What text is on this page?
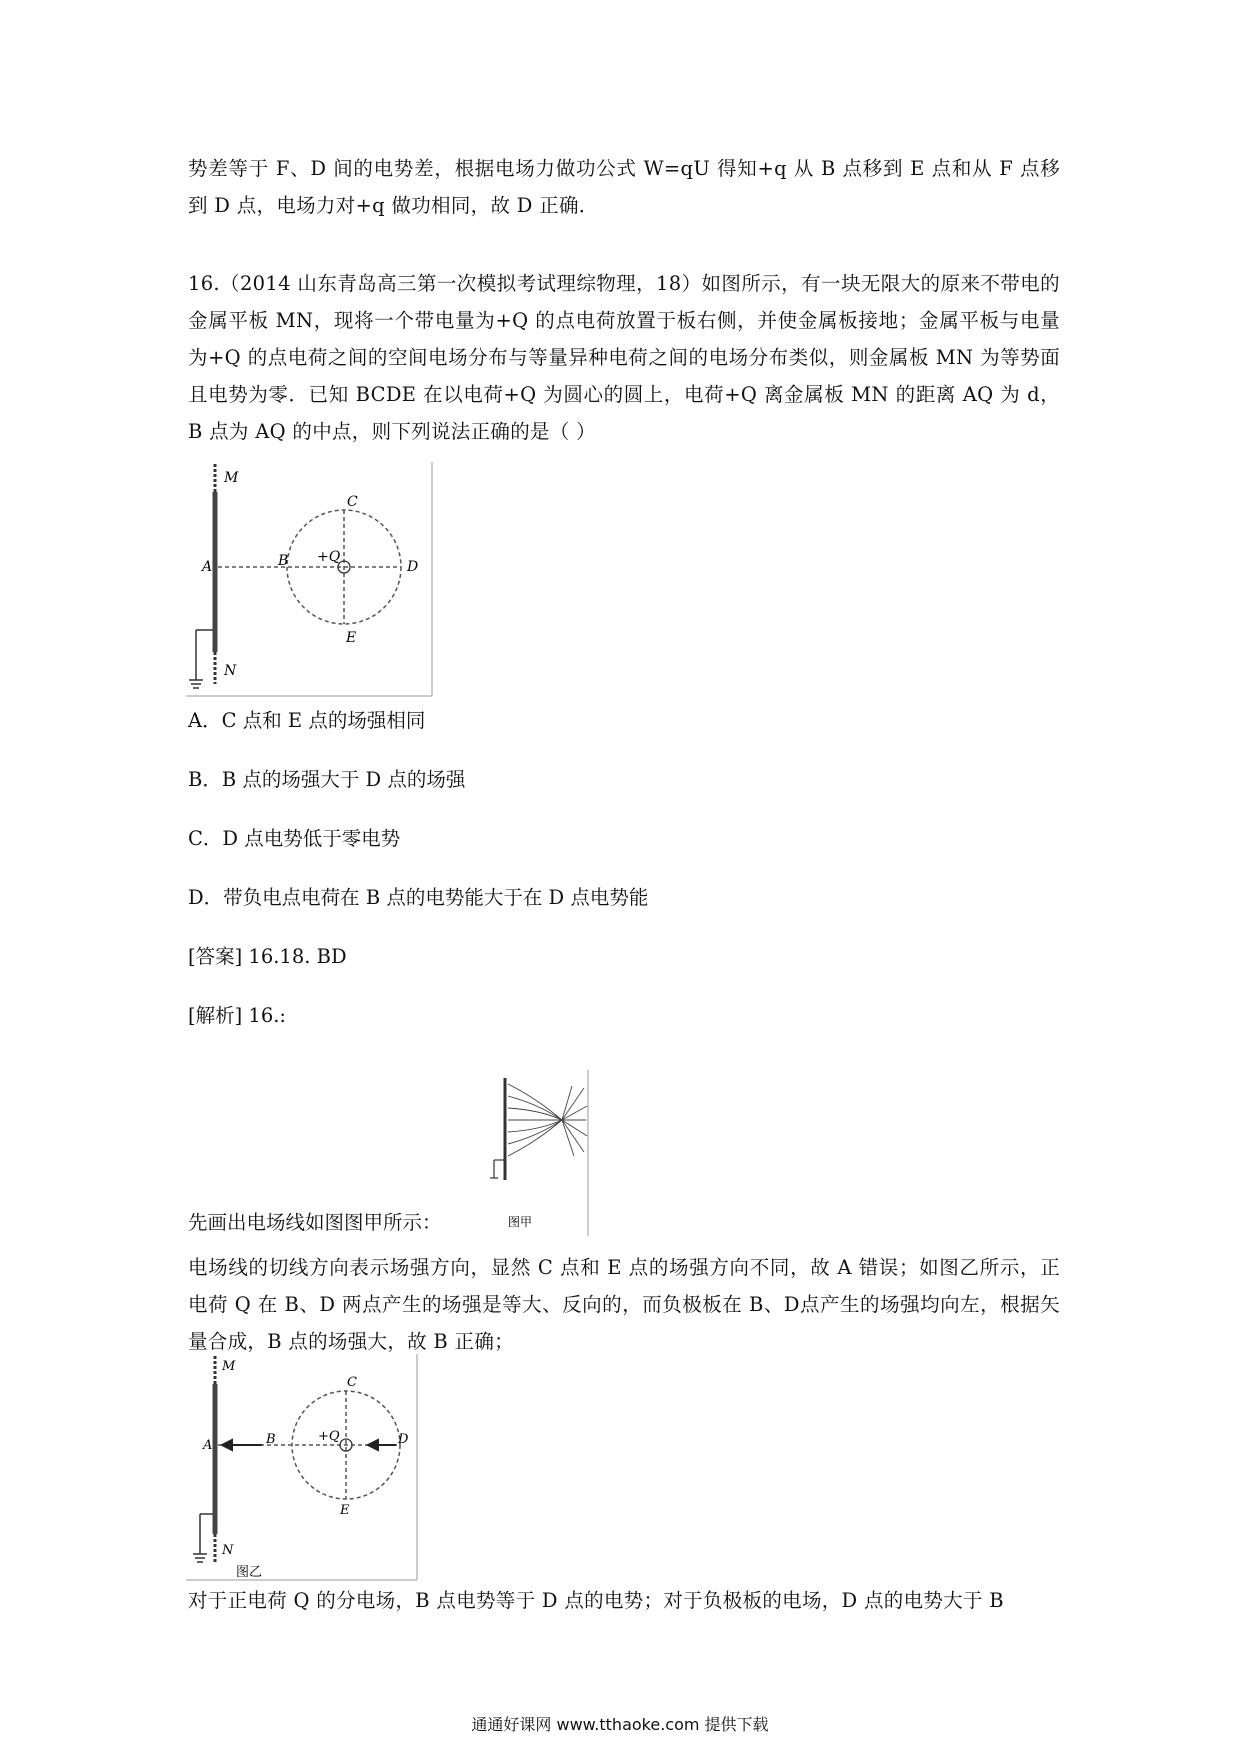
势差等于 F、D 间的电势差，根据电场力做功公式 W=qU 得知+q 从 B 点移到 E 点和从 F 点移到 D 点，电场力对+q 做功相同，故 D 正确．

16.（2014 山东青岛高三第一次模拟考试理综物理，18）如图所示，有一块无限大的原来不带电的金属平板 MN，现将一个带电量为+Q 的点电荷放置于板右侧，并使金属板接地；金属平板与电量为+Q 的点电荷之间的空间电场分布与等量异种电荷之间的电场分布类似，则金属板 MN 为等势面且电势为零．已知 BCDE 在以电荷+Q 为圆心的圆上，电荷+Q 离金属板 MN 的距离 AQ 为 d， B 点为 AQ 的中点，则下列说法正确的是（ ）

M
N
A	B
C
D
E
+Q

A．C 点和 E 点的场强相同

B．B 点的场强大于 D 点的场强

C．D 点电势低于零电势

D．带负电点电荷在 B 点的电势能大于在 D 点电势能

[答案] 16.18. BD

[解析] 16.:

图甲

先画出电场线如图图甲所示：

电场线的切线方向表示场强方向，显然 C 点和 E 点的场强方向不同，故 A 错误；如图乙所示，正电荷 Q 在 B、D 两点产生的场强是等大、反向的，而负极板在 B、D点产生的场强均向左，根据矢量合成，B 点的场强大，故 B 正确；

M
N
A	B
C
D
E
+Q
图乙

对于正电荷 Q 的分电场，B 点电势等于 D 点的电势；对于负极板的电场，D 点的电势大于 B

通通好课网 www.tthaoke.com 提供下载
